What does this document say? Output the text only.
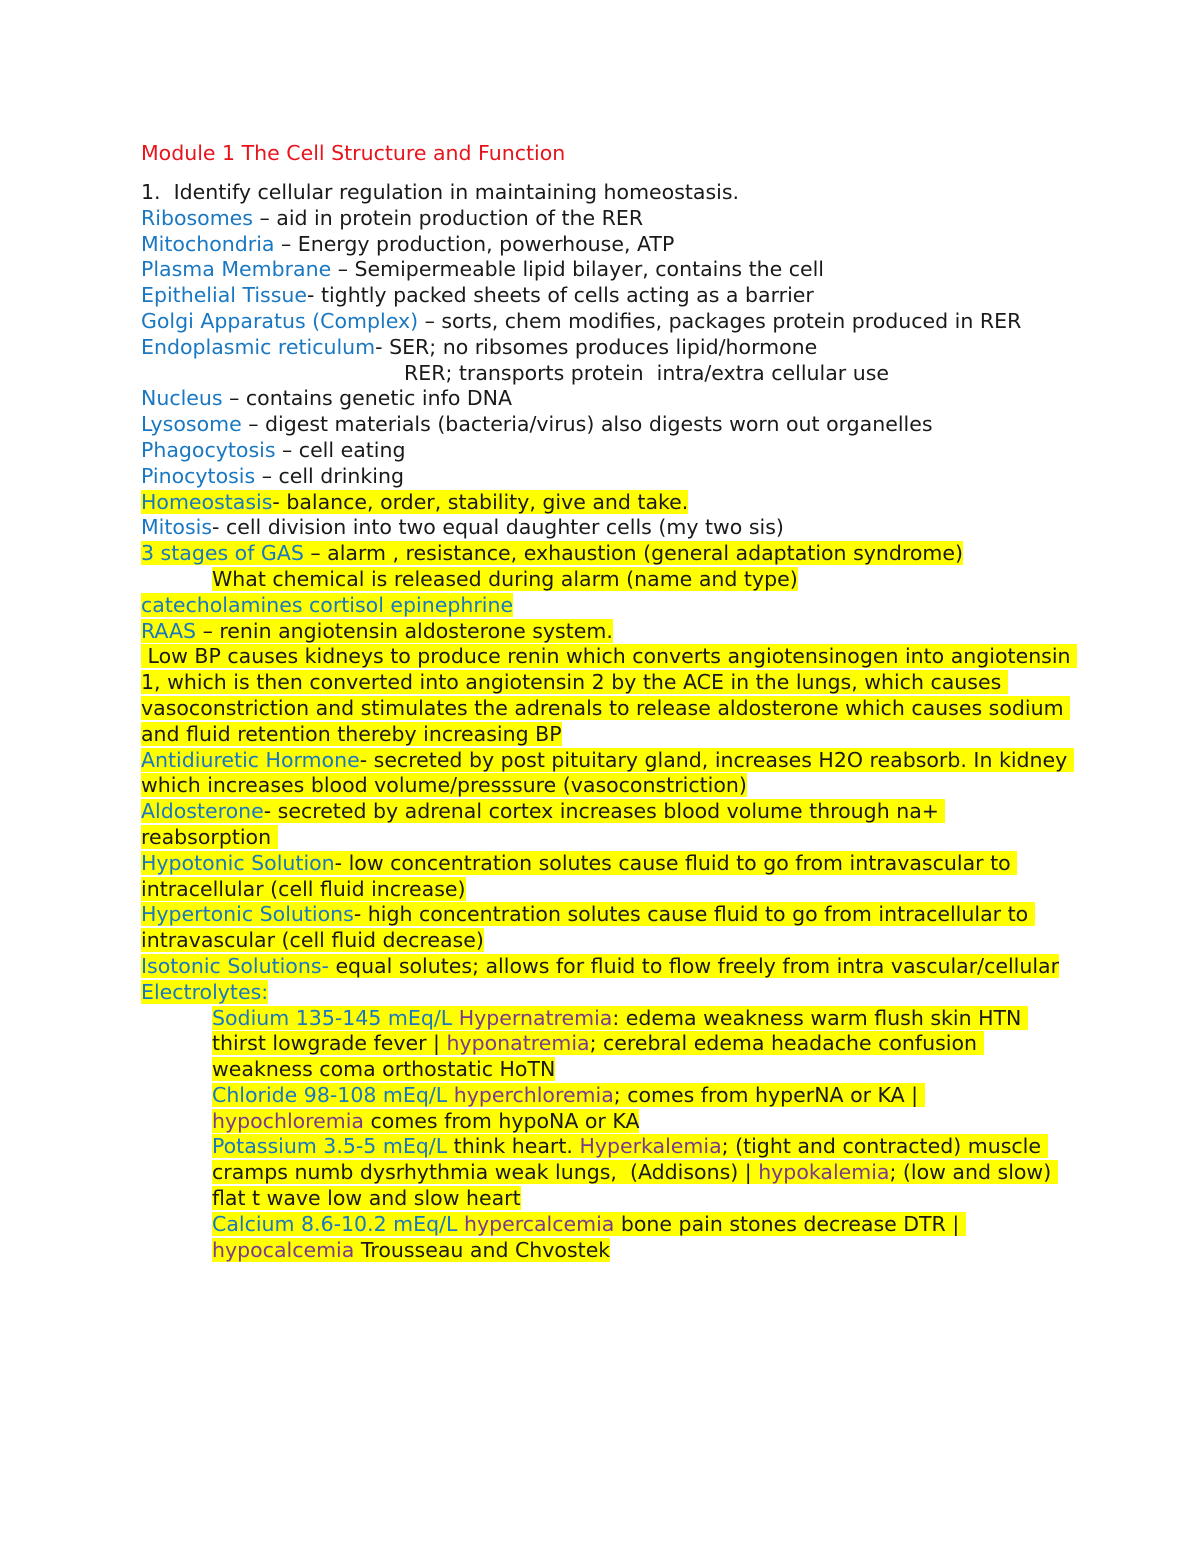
Module 1 The Cell Structure and Function
1.  Identify cellular regulation in maintaining homeostasis.
Ribosomes – aid in protein production of the RER
Mitochondria – Energy production, powerhouse, ATP
Plasma Membrane – Semipermeable lipid bilayer, contains the cell
Epithelial Tissue- tightly packed sheets of cells acting as a barrier
Golgi Apparatus (Complex) – sorts, chem modifies, packages protein produced in RER
Endoplasmic reticulum- SER; no ribsomes produces lipid/hormone
RER; transports protein  intra/extra cellular use
Nucleus – contains genetic info DNA
Lysosome – digest materials (bacteria/virus) also digests worn out organelles
Phagocytosis – cell eating
Pinocytosis – cell drinking
Homeostasis- balance, order, stability, give and take.
Mitosis- cell division into two equal daughter cells (my two sis)
3 stages of GAS – alarm , resistance, exhaustion (general adaptation syndrome)
What chemical is released during alarm (name and type)
catecholamines cortisol epinephrine
RAAS – renin angiotensin aldosterone system.
Low BP causes kidneys to produce renin which converts angiotensinogen into angiotensin 1, which is then converted into angiotensin 2 by the ACE in the lungs, which causes vasoconstriction and stimulates the adrenals to release aldosterone which causes sodium and fluid retention thereby increasing BP
Antidiuretic Hormone- secreted by post pituitary gland, increases H2O reabsorb. In kidney which increases blood volume/presssure (vasoconstriction)
Aldosterone- secreted by adrenal cortex increases blood volume through na+ reabsorption
Hypotonic Solution- low concentration solutes cause fluid to go from intravascular to intracellular (cell fluid increase)
Hypertonic Solutions- high concentration solutes cause fluid to go from intracellular to intravascular (cell fluid decrease)
Isotonic Solutions- equal solutes; allows for fluid to flow freely from intra vascular/cellular
Electrolytes:
Sodium 135-145 mEq/L Hypernatremia: edema weakness warm flush skin HTN thirst lowgrade fever | hyponatremia; cerebral edema headache confusion weakness coma orthostatic HoTN
Chloride 98-108 mEq/L hyperchloremia; comes from hyperNA or KA | hypochloremia comes from hypoNA or KA
Potassium 3.5-5 mEq/L think heart. Hyperkalemia; (tight and contracted) muscle cramps numb dysrhythmia weak lungs,  (Addisons) | hypokalemia; (low and slow) flat t wave low and slow heart
Calcium 8.6-10.2 mEq/L hypercalcemia bone pain stones decrease DTR | hypocalcemia Trousseau and Chvostek
